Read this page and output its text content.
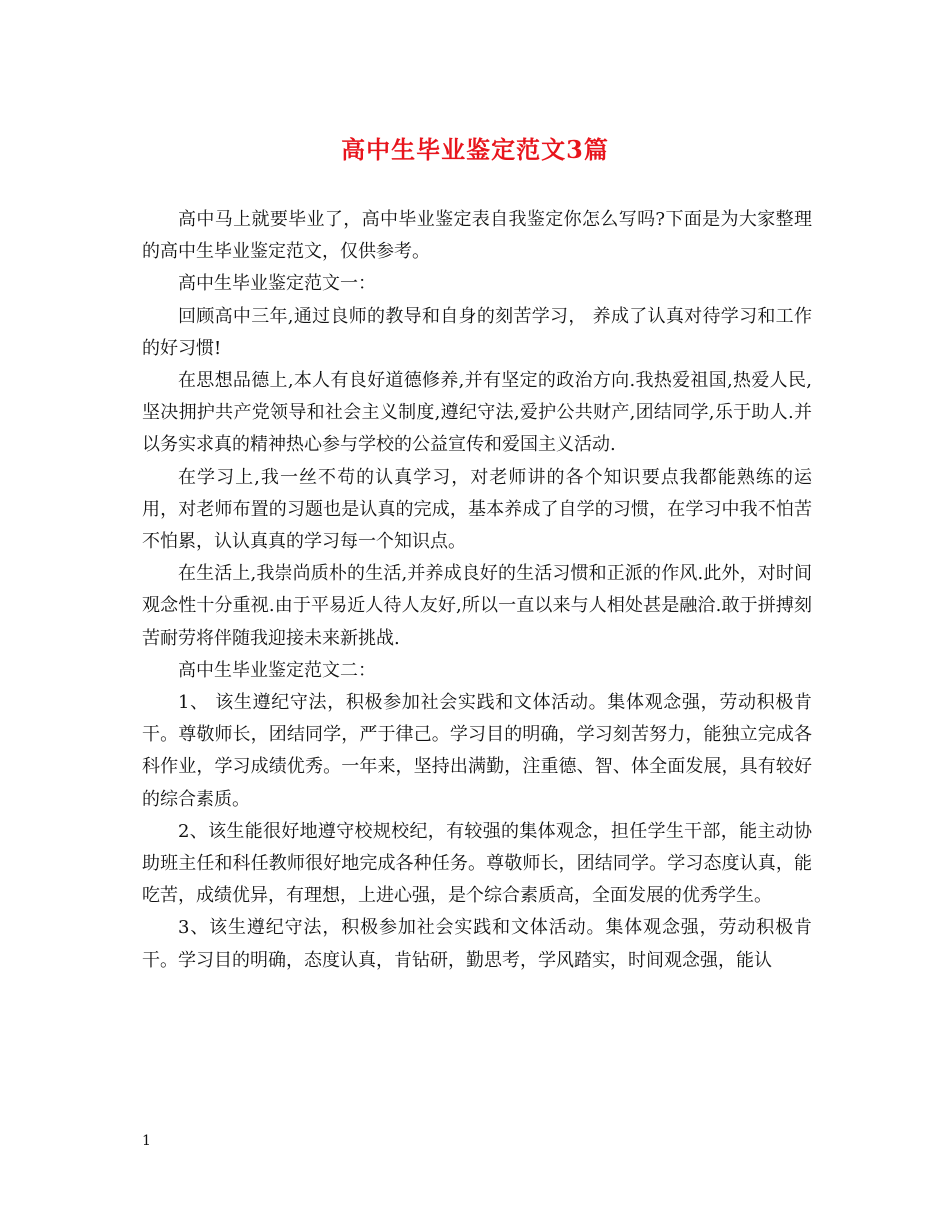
高中生毕业鉴定范文3篇

高中马上就要毕业了，高中毕业鉴定表自我鉴定你怎么写吗?下面是为大家整理的高中生毕业鉴定范文，仅供参考。

高中生毕业鉴定范文一：

回顾高中三年,通过良师的教导和自身的刻苦学习， 养成了认真对待学习和工作的好习惯!

在思想品德上,本人有良好道德修养,并有坚定的政治方向.我热爱祖国,热爱人民,坚决拥护共产党领导和社会主义制度,遵纪守法,爱护公共财产,团结同学,乐于助人.并以务实求真的精神热心参与学校的公益宣传和爱国主义活动.

在学习上,我一丝不苟的认真学习，对老师讲的各个知识要点我都能熟练的运用，对老师布置的习题也是认真的完成，基本养成了自学的习惯，在学习中我不怕苦不怕累，认认真真的学习每一个知识点。

在生活上,我崇尚质朴的生活,并养成良好的生活习惯和正派的作风.此外，对时间观念性十分重视.由于平易近人待人友好,所以一直以来与人相处甚是融洽.敢于拼搏刻苦耐劳将伴随我迎接未来新挑战.

高中生毕业鉴定范文二：

1、 该生遵纪守法，积极参加社会实践和文体活动。集体观念强，劳动积极肯干。尊敬师长，团结同学，严于律己。学习目的明确，学习刻苦努力，能独立完成各科作业，学习成绩优秀。一年来，坚持出满勤，注重德、智、体全面发展，具有较好的综合素质。

2、该生能很好地遵守校规校纪，有较强的集体观念，担任学生干部，能主动协助班主任和科任教师很好地完成各种任务。尊敬师长，团结同学。学习态度认真，能吃苦，成绩优异，有理想，上进心强，是个综合素质高，全面发展的优秀学生。

3、该生遵纪守法，积极参加社会实践和文体活动。集体观念强，劳动积极肯干。学习目的明确，态度认真，肯钻研，勤思考，学风踏实，时间观念强，能认

1
